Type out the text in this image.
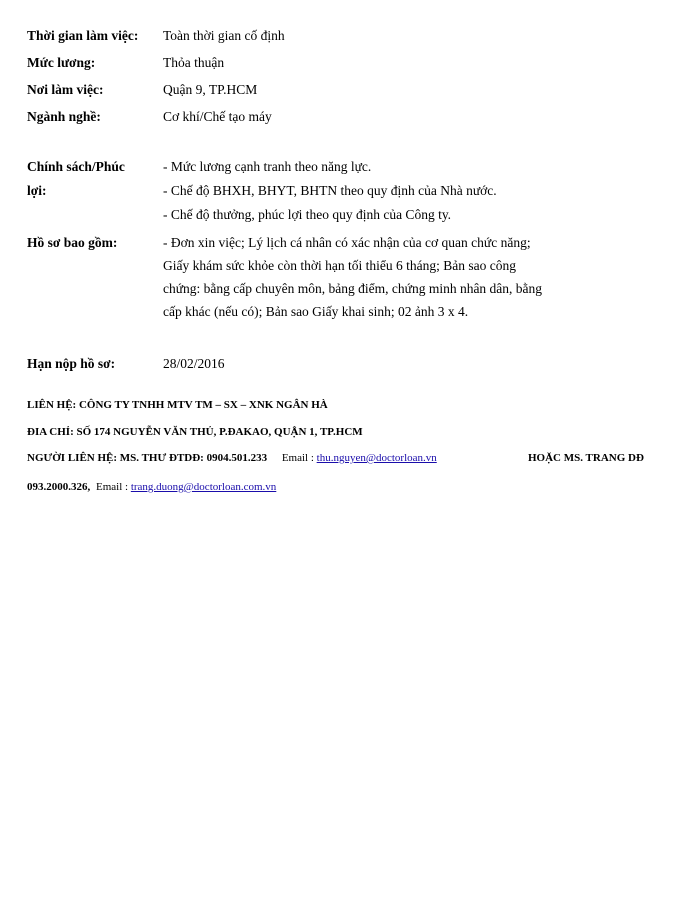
Thời gian làm việc:	Toàn thời gian cố định
Mức lương:	Thỏa thuận
Nơi làm việc:	Quận 9, TP.HCM
Ngành nghề:	Cơ khí/Chế tạo máy
Chính sách/Phúc
lợi:
- Mức lương cạnh tranh theo năng lực.
- Chế độ BHXH, BHYT, BHTN theo quy định của Nhà nước.
- Chế độ thưởng, phúc lợi theo quy định của Công ty.
Hồ sơ bao gồm:	- Đơn xin việc; Lý lịch cá nhân có xác nhận của cơ quan chức năng;
Giấy khám sức khỏe còn thời hạn tối thiểu 6 tháng; Bản sao công
chứng: bằng cấp chuyên môn, bảng điểm, chứng minh nhân dân, bằng
cấp khác (nếu có); Bản sao Giấy khai sinh; 02 ảnh 3 x 4.
Hạn nộp hồ sơ:	28/02/2016
LIÊN HỆ: CÔNG TY TNHH MTV TM – SX – XNK NGÂN HÀ
ĐIA CHỈ: SỐ 174 NGUYỄN VĂN THỦ, P.ĐAKAO, QUẬN 1, TP.HCM
NGƯỜI LIÊN HỆ: MS. THƯ ĐTDĐ: 0904.501.233 Email : thu.nguyen@doctorloan.vn	HOẶC MS. TRANG DĐ
093.2000.326, Email : trang.duong@doctorloan.com.vn
